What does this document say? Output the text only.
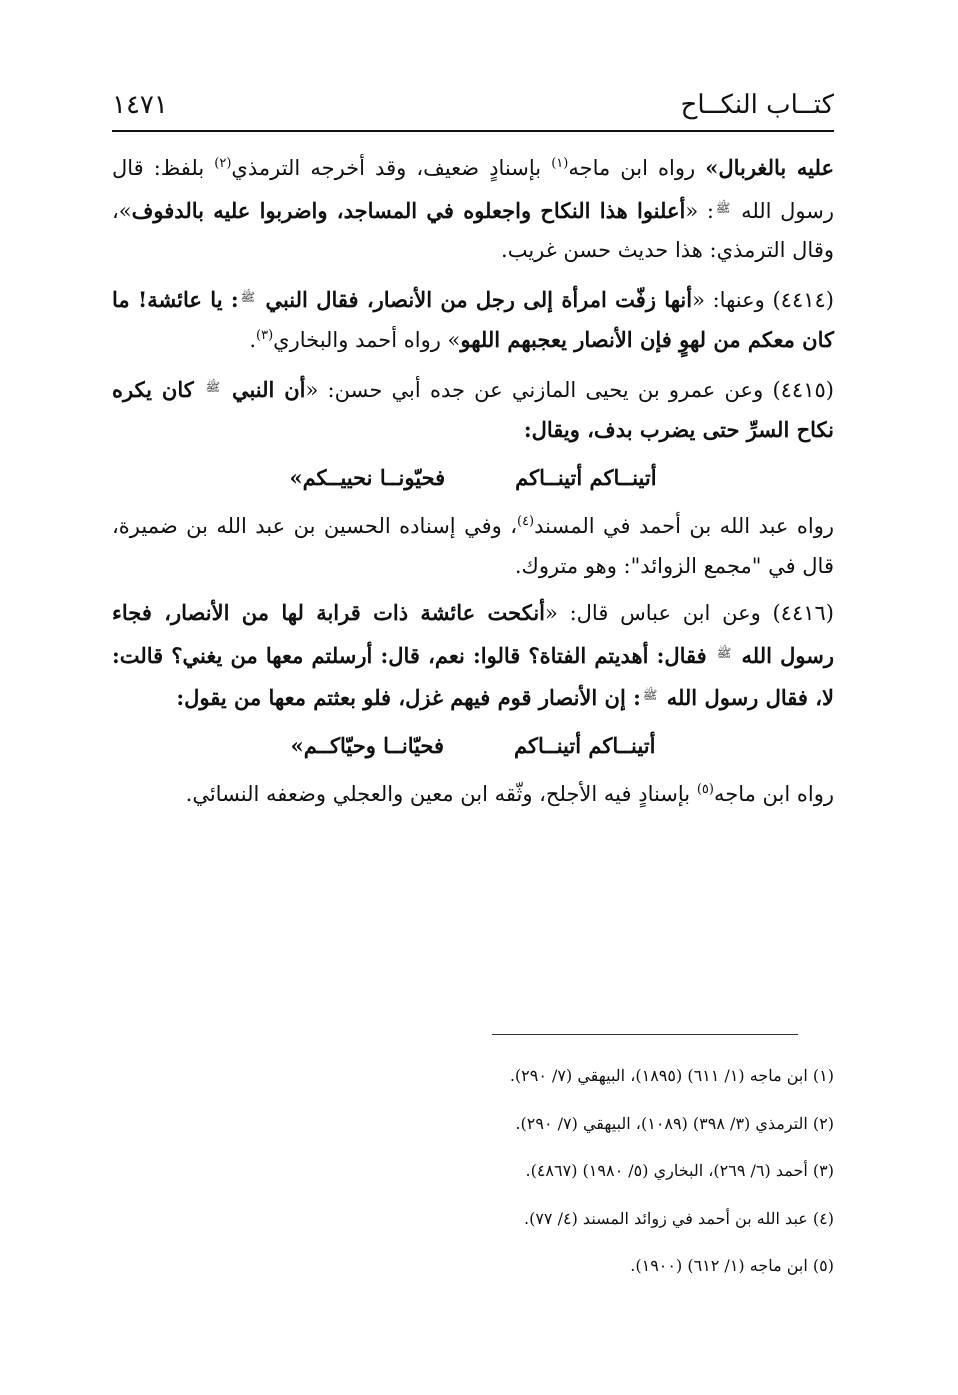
كتــاب النكــاح
١٤٧١

عليه بالغربال» رواه ابن ماجه$^{(١)}$ بإسنادٍ ضعيف، وقد أخرجه الترمذي$^{(٢)}$ بلفظ: قال رسول الله $^ﷺ$: «أعلنوا هذا النكاح واجعلوه في المساجد، واضربوا عليه بالدفوف»، وقال الترمذي: هذا حديث حسن غريب.

(٤٤١٤) وعنها: «أنها زفّت امرأة إلى رجل من الأنصار، فقال النبي $^ﷺ$: يا عائشة! ما كان معكم من لهوٍ فإن الأنصار يعجبهم اللهو» رواه أحمد والبخاري$^{(٣)}$.

(٤٤١٥) وعن عمرو بن يحيى المازني عن جده أبي حسن: «أن النبي $^ﷺ$ كان يكره نكاح السرِّ حتى يضرب بدف، ويقال:

أتينــاكم أتينــاكمفحيّونــا نحييــكم»

رواه عبد الله بن أحمد في المسند$^{(٤)}$، وفي إسناده الحسين بن عبد الله بن ضميرة، قال في "مجمع الزوائد": وهو متروك.

(٤٤١٦) وعن ابن عباس قال: «أنكحت عائشة ذات قرابة لها من الأنصار، فجاء رسول الله $^ﷺ$ فقال: أهديتم الفتاة؟ قالوا: نعم، قال: أرسلتم معها من يغني؟ قالت: لا، فقال رسول الله $^ﷺ$: إن الأنصار قوم فيهم غزل، فلو بعثتم معها من يقول:

أتينــاكم أتينــاكمفحيّانــا وحيّاكــم»

رواه ابن ماجه$^{(٥)}$ بإسنادٍ فيه الأجلح، وثّقه ابن معين والعجلي وضعفه النسائي.

(١) ابن ماجه (١/ ٦١١) (١٨٩٥)، البيهقي (٧/ ٢٩٠).
(٢) الترمذي (٣/ ٣٩٨) (١٠٨٩)، البيهقي (٧/ ٢٩٠).
(٣) أحمد (٦/ ٢٦٩)، البخاري (٥/ ١٩٨٠) (٤٨٦٧).
(٤) عبد الله بن أحمد في زوائد المسند (٤/ ٧٧).
(٥) ابن ماجه (١/ ٦١٢) (١٩٠٠).
